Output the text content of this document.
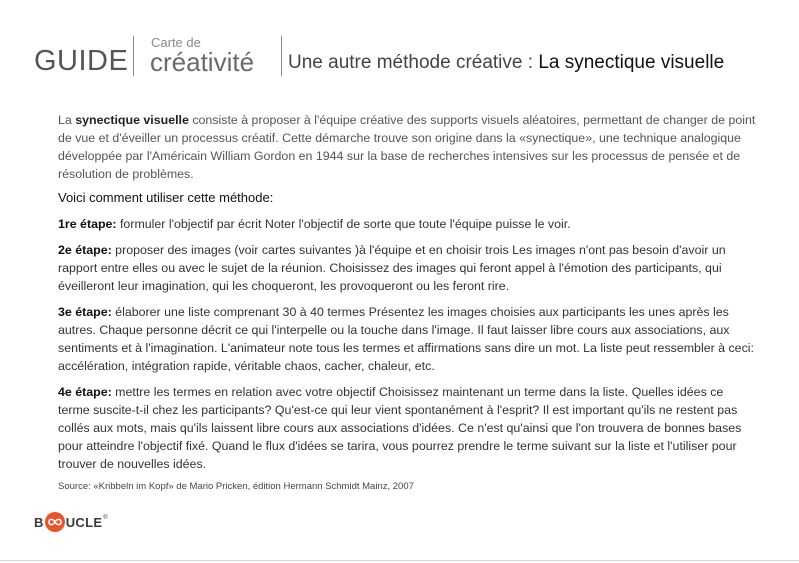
GUIDE
Carte de
créativité Une autre méthode créative : La synectique visuelle

La synectique visuelle consiste à proposer à l'équipe créative des supports visuels aléatoires, permettant de changer de point de vue et d'éveiller un processus créatif. Cette démarche trouve son origine dans la «synectique», une technique analogique développée par l'Américain William Gordon en 1944 sur la base de recherches intensives sur les processus de pensée et de résolution de problèmes.

Voici comment utiliser cette méthode:

1re étape: formuler l'objectif par écrit Noter l'objectif de sorte que toute l'équipe puisse le voir.

2e étape: proposer des images (voir cartes suivantes )à l'équipe et en choisir trois Les images n'ont pas besoin d'avoir un rapport entre elles ou avec le sujet de la réunion. Choisissez des images qui feront appel à l'émotion des participants, qui éveilleront leur imagination, qui les choqueront, les provoqueront ou les feront rire.

3e étape: élaborer une liste comprenant 30 à 40 termes Présentez les images choisies aux participants les unes après les autres. Chaque personne décrit ce qui l'interpelle ou la touche dans l'image. Il faut laisser libre cours aux associations, aux sentiments et à l'imagination. L'animateur note tous les termes et affirmations sans dire un mot. La liste peut ressembler à ceci: accélération, intégration rapide, véritable chaos, cacher, chaleur, etc.

4e étape: mettre les termes en relation avec votre objectif Choisissez maintenant un terme dans la liste. Quelles idées ce terme suscite-t-il chez les participants? Qu'est-ce qui leur vient spontanément à l'esprit? Il est important qu'ils ne restent pas collés aux mots, mais qu'ils laissent libre cours aux associations d'idées. Ce n'est qu'ainsi que l'on trouvera de bonnes bases pour atteindre l'objectif fixé. Quand le flux d'idées se tarira, vous pourrez prendre le terme suivant sur la liste et l'utiliser pour trouver de nouvelles idées.

Source: «Kribbeln im Kopf» de Mario Pricken, édition Hermann Schmidt Mainz, 2007
B UCLE ®
